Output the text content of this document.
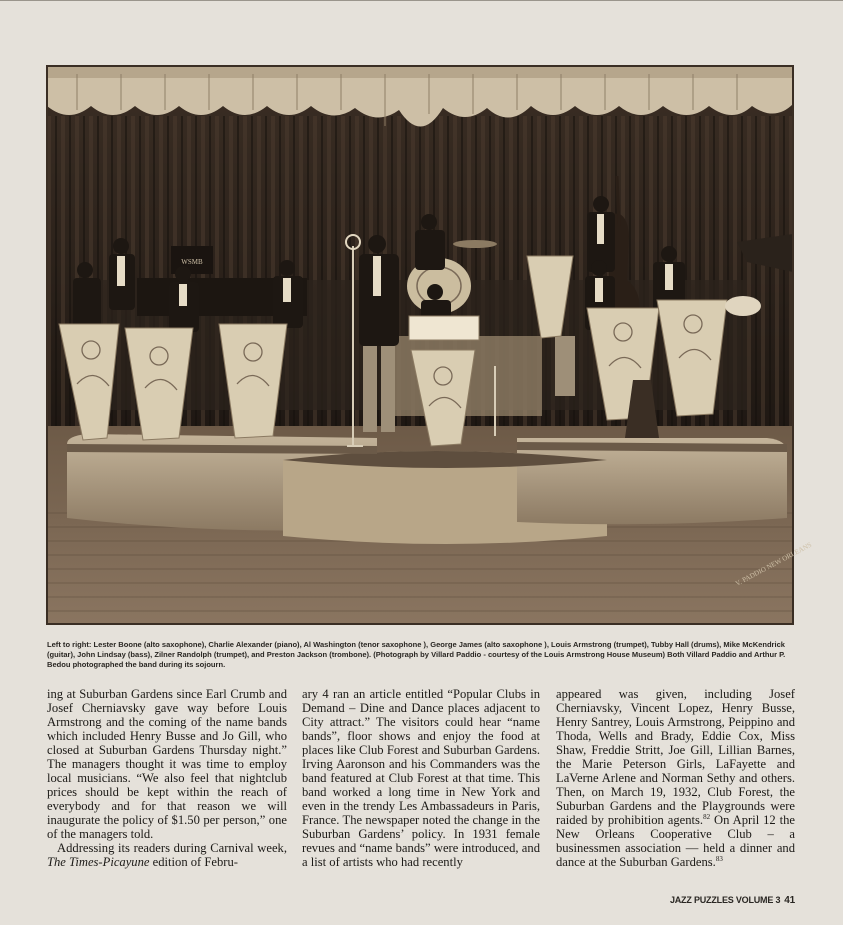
WSMB
V. PADDIO NEW ORLEANS
Left to right: Lester Boone (alto saxophone), Charlie Alexander (piano), Al Washington (tenor saxophone ), George James (alto saxophone ), Louis Armstrong (trumpet), Tubby Hall (drums), Mike McKendrick (guitar), John Lindsay (bass), Zilner Randolph (trumpet), and Preston Jackson (trombone). (Photograph by Villard Paddio - courtesy of the Louis Armstrong House Museum) Both Villard Paddio and Arthur P. Bedou photographed the band during its sojourn.

ing at Suburban Gardens since Earl Crumb and Josef Cherniavsky gave way before Louis Armstrong and the coming of the name bands which included Henry Busse and Jo Gill, who closed at Suburban Gardens Thursday night.” The managers thought it was time to employ local musicians. “We also feel that nightclub prices should be kept within the reach of everybody and for that reason we will inaugurate the policy of $1.50 per person,” one of the managers told.

Addressing its readers during Carnival week, The Times-Picayune edition of Febru-

ary 4 ran an article entitled “Popular Clubs in Demand – Dine and Dance places adjacent to City attract.” The visitors could hear “name bands”, floor shows and enjoy the food at places like Club Forest and Suburban Gardens. Irving Aaronson and his Commanders was the band featured at Club Forest at that time. This band worked a long time in New York and even in the trendy Les Ambassadeurs in Paris, France. The newspaper noted the change in the Suburban Gardens’ policy. In 1931 female revues and “name bands” were introduced, and a list of artists who had recently

appeared was given, including Josef Cherniavsky, Vincent Lopez, Henry Busse, Henry Santrey, Louis Armstrong, Peippino and Thoda, Wells and Brady, Eddie Cox, Miss Shaw, Freddie Stritt, Joe Gill, Lillian Barnes, the Marie Peterson Girls, LaFayette and LaVerne Arlene and Norman Sethy and others. Then, on March 19, 1932, Club Forest, the Suburban Gardens and the Playgrounds were raided by prohibition agents.$^{82}$ On April 12 the New Orleans Cooperative Club – a businessmen association — held a dinner and dance at the Suburban Gardens.$^{83}$

JAZZ PUZZLES VOLUME 3 41
